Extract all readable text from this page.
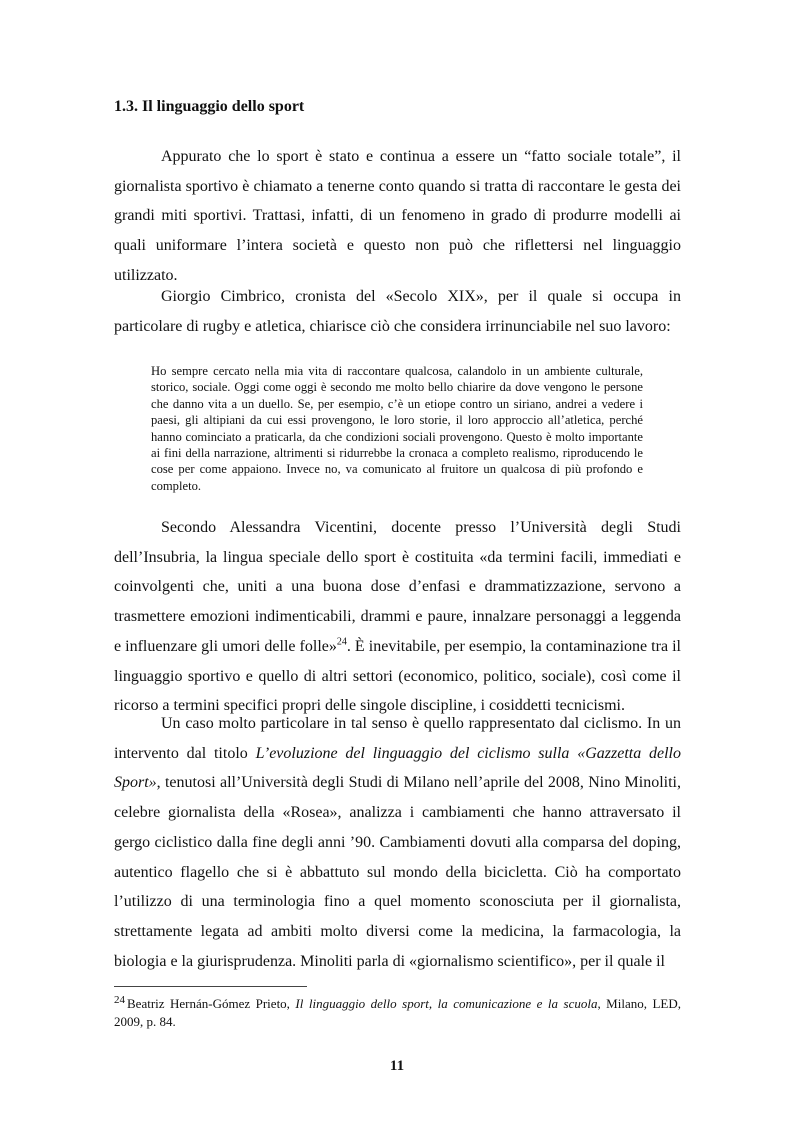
1.3. Il linguaggio dello sport

Appurato che lo sport è stato e continua a essere un “fatto sociale totale”, il giornalista sportivo è chiamato a tenerne conto quando si tratta di raccontare le gesta dei grandi miti sportivi. Trattasi, infatti, di un fenomeno in grado di produrre modelli ai quali uniformare l’intera società e questo non può che riflettersi nel linguaggio utilizzato.

Giorgio Cimbrico, cronista del «Secolo XIX», per il quale si occupa in particolare di rugby e atletica, chiarisce ciò che considera irrinunciabile nel suo lavoro:

Ho sempre cercato nella mia vita di raccontare qualcosa, calandolo in un ambiente culturale, storico, sociale. Oggi come oggi è secondo me molto bello chiarire da dove vengono le persone che danno vita a un duello. Se, per esempio, c’è un etiope contro un siriano, andrei a vedere i paesi, gli altipiani da cui essi provengono, le loro storie, il loro approccio all’atletica, perché hanno cominciato a praticarla, da che condizioni sociali provengono. Questo è molto importante ai fini della narrazione, altrimenti si ridurrebbe la cronaca a completo realismo, riproducendo le cose per come appaiono. Invece no, va comunicato al fruitore un qualcosa di più profondo e completo.

Secondo Alessandra Vicentini, docente presso l’Università degli Studi dell’Insubria, la lingua speciale dello sport è costituita «da termini facili, immediati e coinvolgenti che, uniti a una buona dose d’enfasi e drammatizzazione, servono a trasmettere emozioni indimenticabili, drammi e paure, innalzare personaggi a leggenda e influenzare gli umori delle folle»$^{24}$. È inevitabile, per esempio, la contaminazione tra il linguaggio sportivo e quello di altri settori (economico, politico, sociale), così come il ricorso a termini specifici propri delle singole discipline, i cosiddetti tecnicismi.

Un caso molto particolare in tal senso è quello rappresentato dal ciclismo. In un intervento dal titolo L’evoluzione del linguaggio del ciclismo sulla «Gazzetta dello Sport», tenutosi all’Università degli Studi di Milano nell’aprile del 2008, Nino Minoliti, celebre giornalista della «Rosea», analizza i cambiamenti che hanno attraversato il gergo ciclistico dalla fine degli anni ’90. Cambiamenti dovuti alla comparsa del doping, autentico flagello che si è abbattuto sul mondo della bicicletta. Ciò ha comportato l’utilizzo di una terminologia fino a quel momento sconosciuta per il giornalista, strettamente legata ad ambiti molto diversi come la medicina, la farmacologia, la biologia e la giurisprudenza. Minoliti parla di «giornalismo scientifico», per il quale il

$^{24}$ Beatriz Hernán-Gómez Prieto, Il linguaggio dello sport, la comunicazione e la scuola, Milano, LED, 2009, p. 84.

11
